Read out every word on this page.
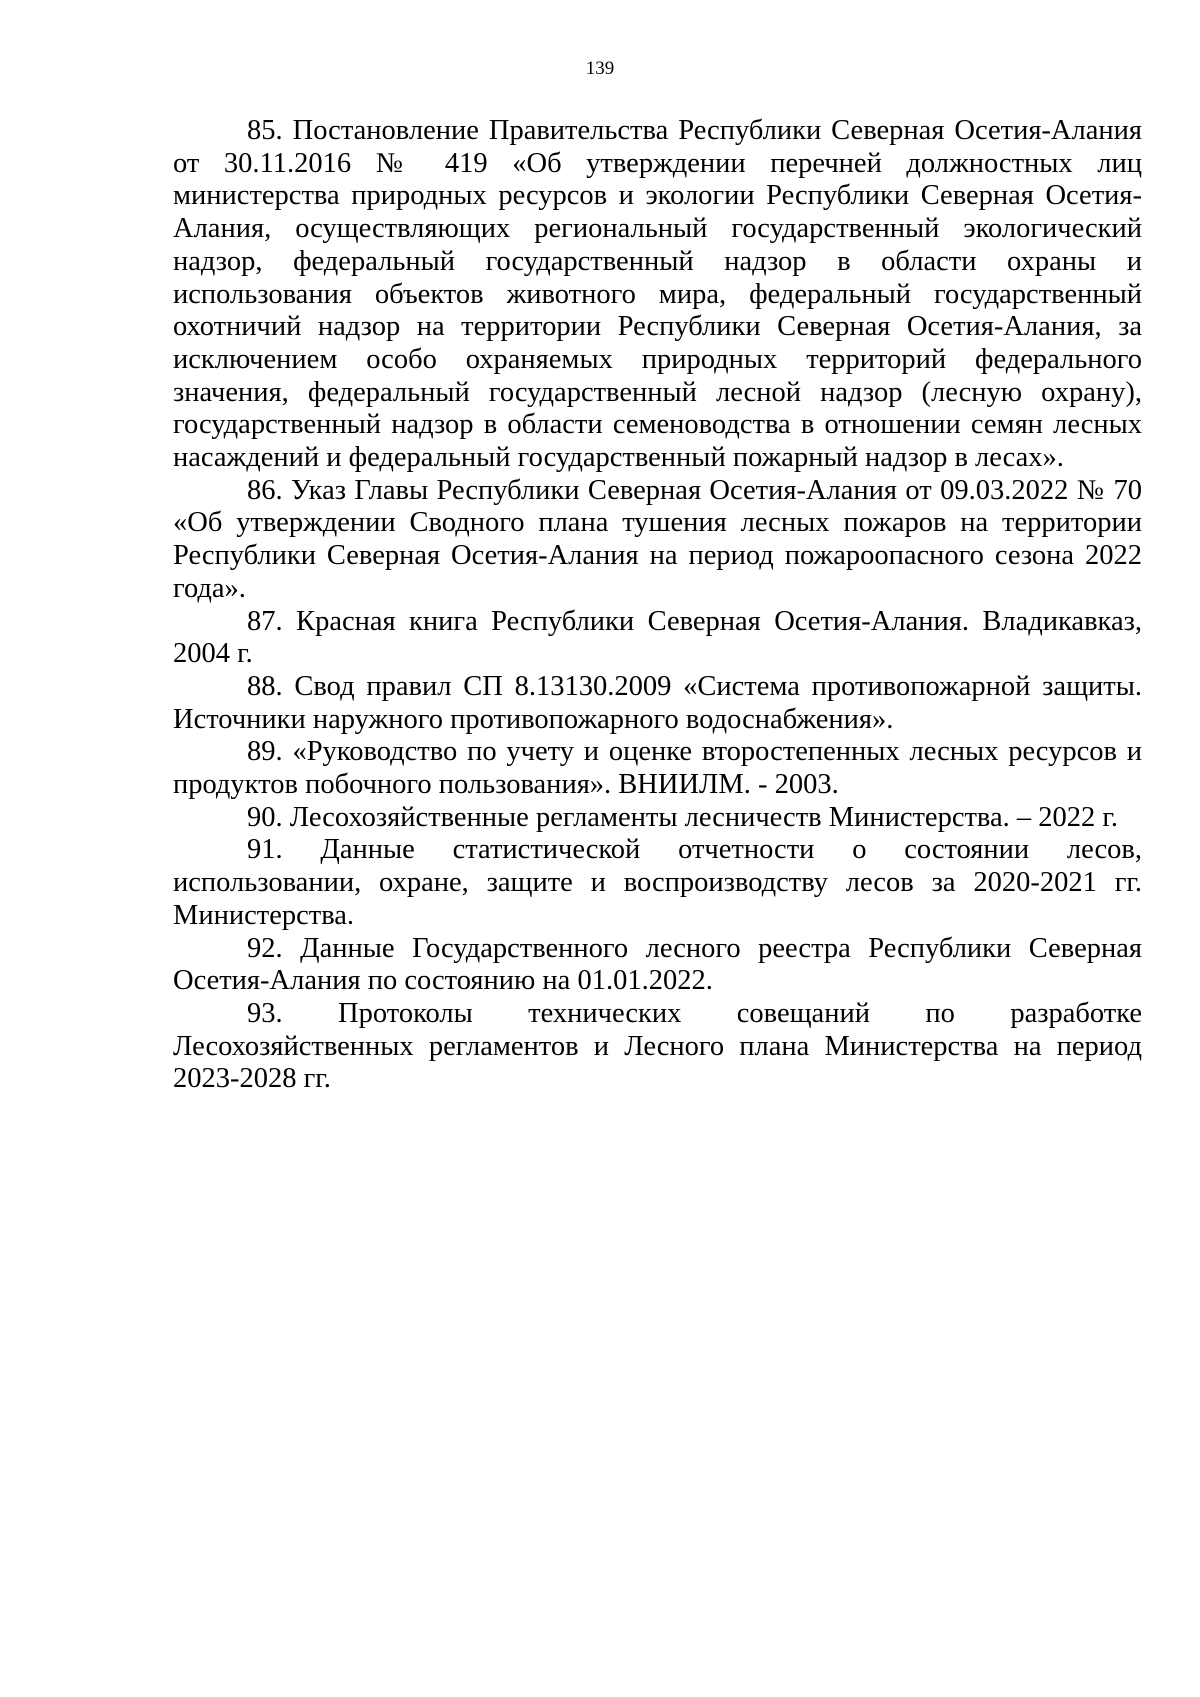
139

85. Постановление Правительства Республики Северная Осетия-Алания от 30.11.2016 № 419 «Об утверждении перечней должностных лиц министерства природных ресурсов и экологии Республики Северная Осетия-Алания, осуществляющих региональный государственный экологический надзор, федеральный государственный надзор в области охраны и использования объектов животного мира, федеральный государственный охотничий надзор на территории Республики Северная Осетия-Алания, за исключением особо охраняемых природных территорий федерального значения, федеральный государственный лесной надзор (лесную охрану), государственный надзор в области семеноводства в отношении семян лесных насаждений и федеральный государственный пожарный надзор в лесах».

86. Указ Главы Республики Северная Осетия-Алания от 09.03.2022 № 70 «Об утверждении Сводного плана тушения лесных пожаров на территории Республики Северная Осетия-Алания на период пожароопасного сезона 2022 года».

87. Красная книга Республики Северная Осетия-Алания. Владикавказ, 2004 г.

88. Свод правил СП 8.13130.2009 «Система противопожарной защиты. Источники наружного противопожарного водоснабжения».

89. «Руководство по учету и оценке второстепенных лесных ресурсов и продуктов побочного пользования». ВНИИЛМ. - 2003.

90. Лесохозяйственные регламенты лесничеств Министерства. – 2022 г.

91. Данные статистической отчетности о состоянии лесов, использовании, охране, защите и воспроизводству лесов за 2020-2021 гг. Министерства.

92. Данные Государственного лесного реестра Республики Северная Осетия-Алания по состоянию на 01.01.2022.

93. Протоколы технических совещаний по разработке Лесохозяйственных регламентов и Лесного плана Министерства на период 2023-2028 гг.
